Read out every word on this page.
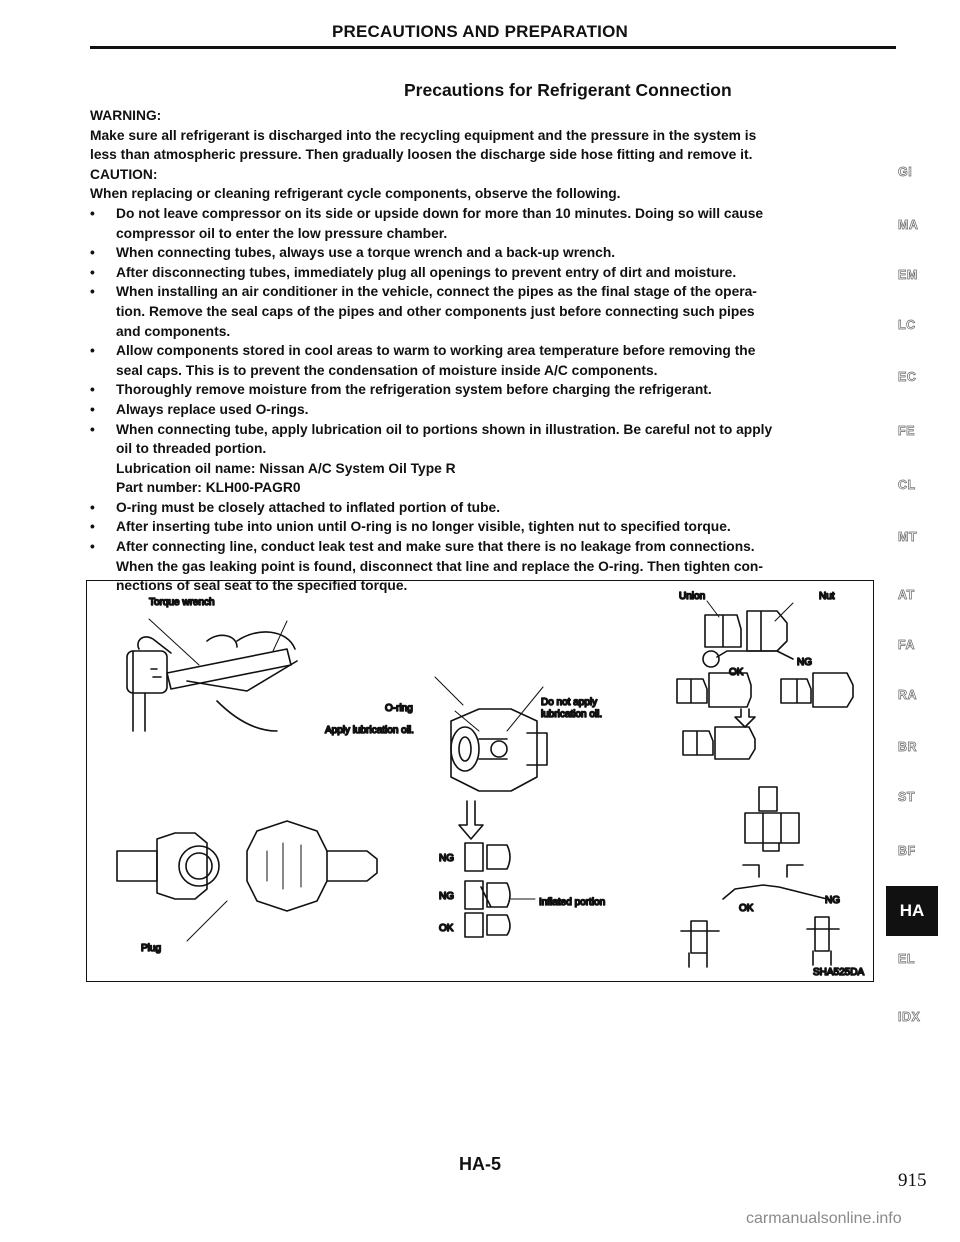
PRECAUTIONS AND PREPARATION
Precautions for Refrigerant Connection
WARNING:
Make sure all refrigerant is discharged into the recycling equipment and the pressure in the system is
less than atmospheric pressure. Then gradually loosen the discharge side hose fitting and remove it.
CAUTION:
When replacing or cleaning refrigerant cycle components, observe the following.
• Do not leave compressor on its side or upside down for more than 10 minutes. Doing so will cause
compressor oil to enter the low pressure chamber.
• When connecting tubes, always use a torque wrench and a back-up wrench.
• After disconnecting tubes, immediately plug all openings to prevent entry of dirt and moisture.
• When installing an air conditioner in the vehicle, connect the pipes as the final stage of the opera-
tion. Remove the seal caps of the pipes and other components just before connecting such pipes
and components.
• Allow components stored in cool areas to warm to working area temperature before removing the
seal caps. This is to prevent the condensation of moisture inside A/C components.
• Thoroughly remove moisture from the refrigeration system before charging the refrigerant.
• Always replace used O-rings.
• When connecting tube, apply lubrication oil to portions shown in illustration. Be careful not to apply
oil to threaded portion.
Lubrication oil name: Nissan A/C System Oil Type R
Part number: KLH00-PAGR0
• O-ring must be closely attached to inflated portion of tube.
• After inserting tube into union until O-ring is no longer visible, tighten nut to specified torque.
• After connecting line, conduct leak test and make sure that there is no leakage from connections.
When the gas leaking point is found, disconnect that line and replace the O-ring. Then tighten con-
nections of seal seat to the specified torque.
GI
MA
EM
LC
EC
FE
CL
MT
AT
FA
RA
BR
ST
BF
HA
EL
IDX
Torque wrench
O-ring
Apply lubrication oil.
Do not apply
lubrication oil.
Plug
NG
NG
OK
Inflated portion
Union	Nut
OK
NG
OK
NG
SHA525DA
HA-5
915
carmanualsonline.info
